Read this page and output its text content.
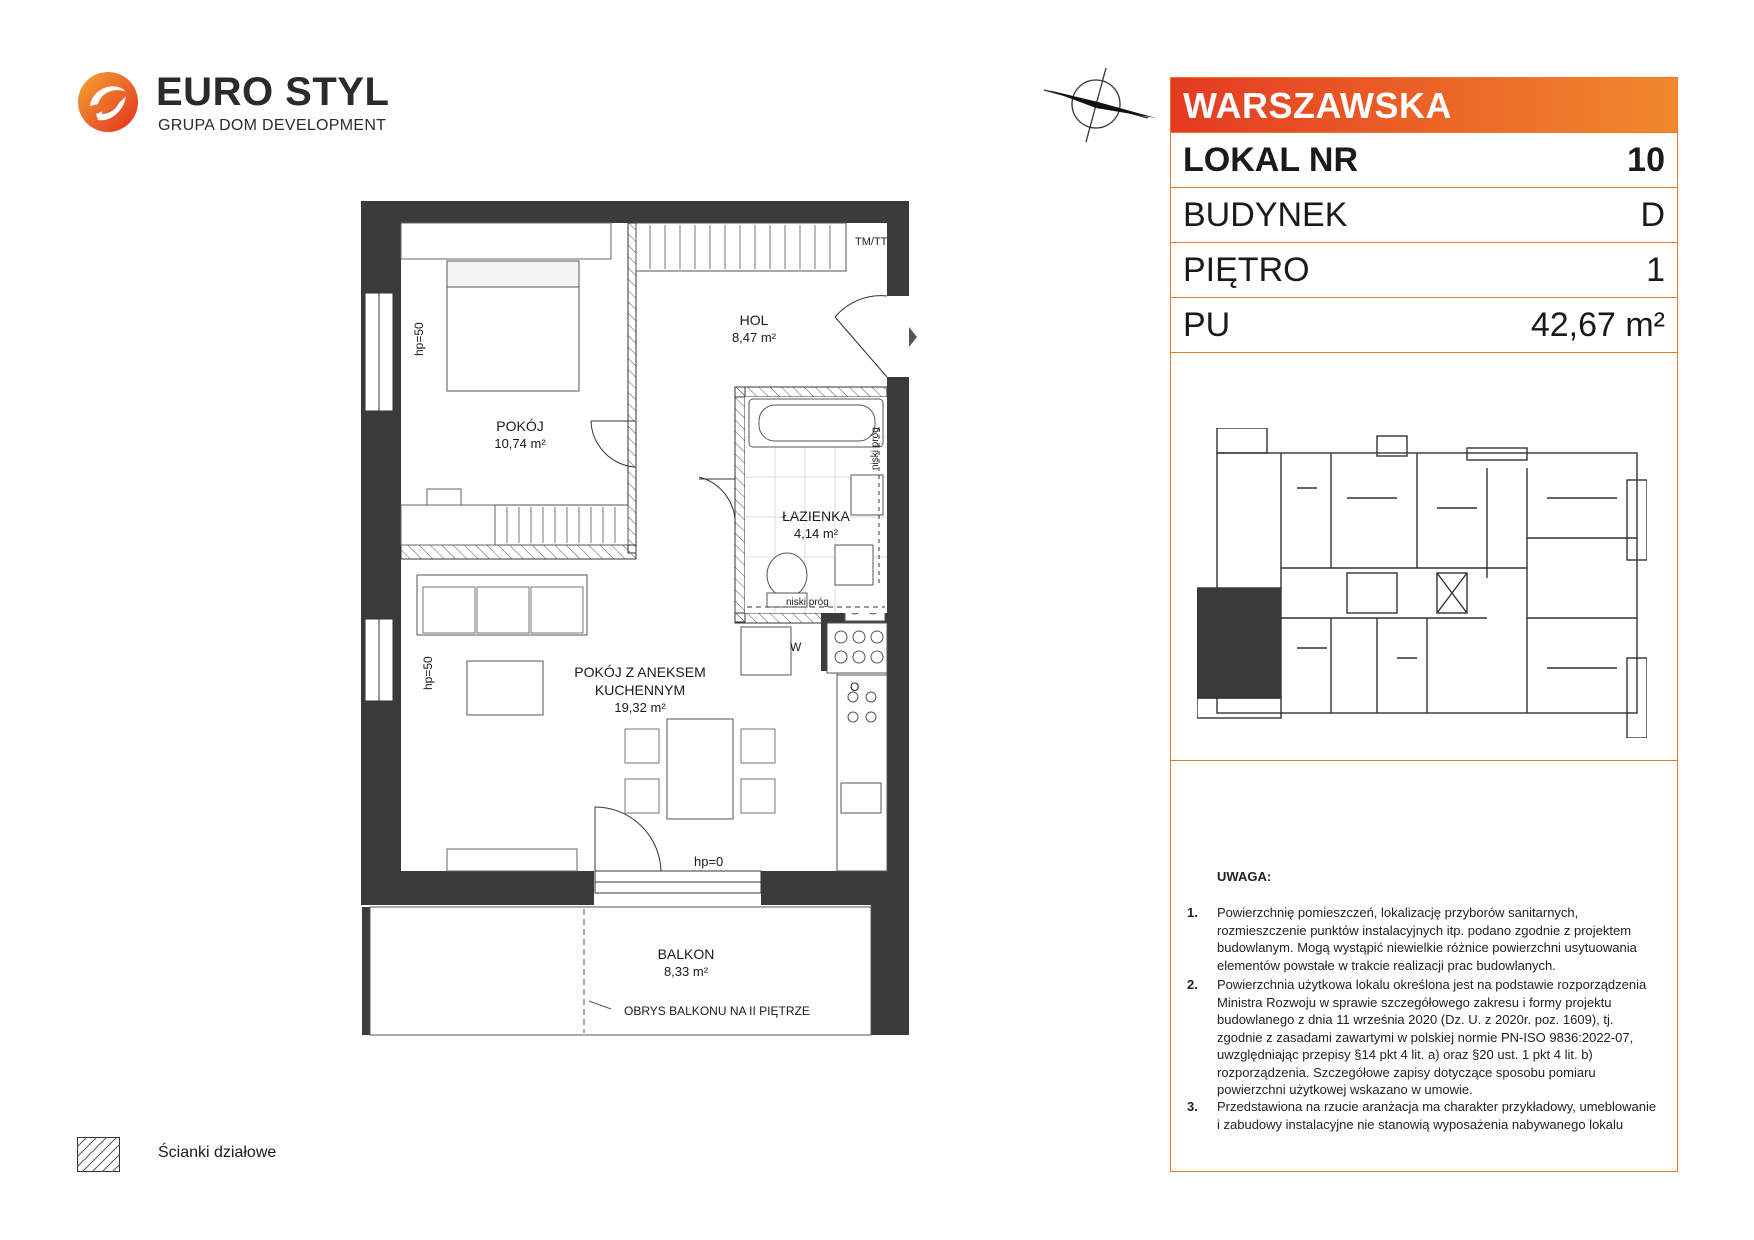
EURO STYL
GRUPA DOM DEVELOPMENT
HOL
8,47 m²
POKÓJ
10,74 m²
ŁAZIENKA
4,14 m²
POKÓJ Z ANEKSEM
KUCHENNYM
19,32 m²
BALKON
8,33 m²
TM/TT
hp=50
hp=50
hp=0
niski próg
niski próg
W
O
OBRYS BALKONU NA II PIĘTRZE
WARSZAWSKA
LOKAL NR	10
BUDYNEK	D
PIĘTRO	1
PU	42,67 m²
UWAGA:
1.	Powierzchnię pomieszczeń, lokalizację przyborów sanitarnych, rozmieszczenie punktów instalacyjnych itp. podano zgodnie z projektem budowlanym. Mogą wystąpić niewielkie różnice powierzchni usytuowania elementów powstałe w trakcie realizacji prac budowlanych.
2.	Powierzchnia użytkowa lokalu określona jest na podstawie rozporządzenia Ministra Rozwoju w sprawie szczegółowego zakresu i formy projektu budowlanego z dnia 11 września 2020 (Dz. U. z 2020r. poz. 1609), tj. zgodnie z zasadami zawartymi w polskiej normie PN-ISO 9836:2022-07, uwzględniając przepisy §14 pkt 4 lit. a) oraz §20 ust. 1 pkt 4 lit. b) rozporządzenia. Szczegółowe zapisy dotyczące sposobu pomiaru powierzchni użytkowej wskazano w umowie.
3.	Przedstawiona na rzucie aranżacja ma charakter przykładowy, umeblowanie i zabudowy instalacyjne nie stanowią wyposażenia nabywanego lokalu
Ścianki działowe
